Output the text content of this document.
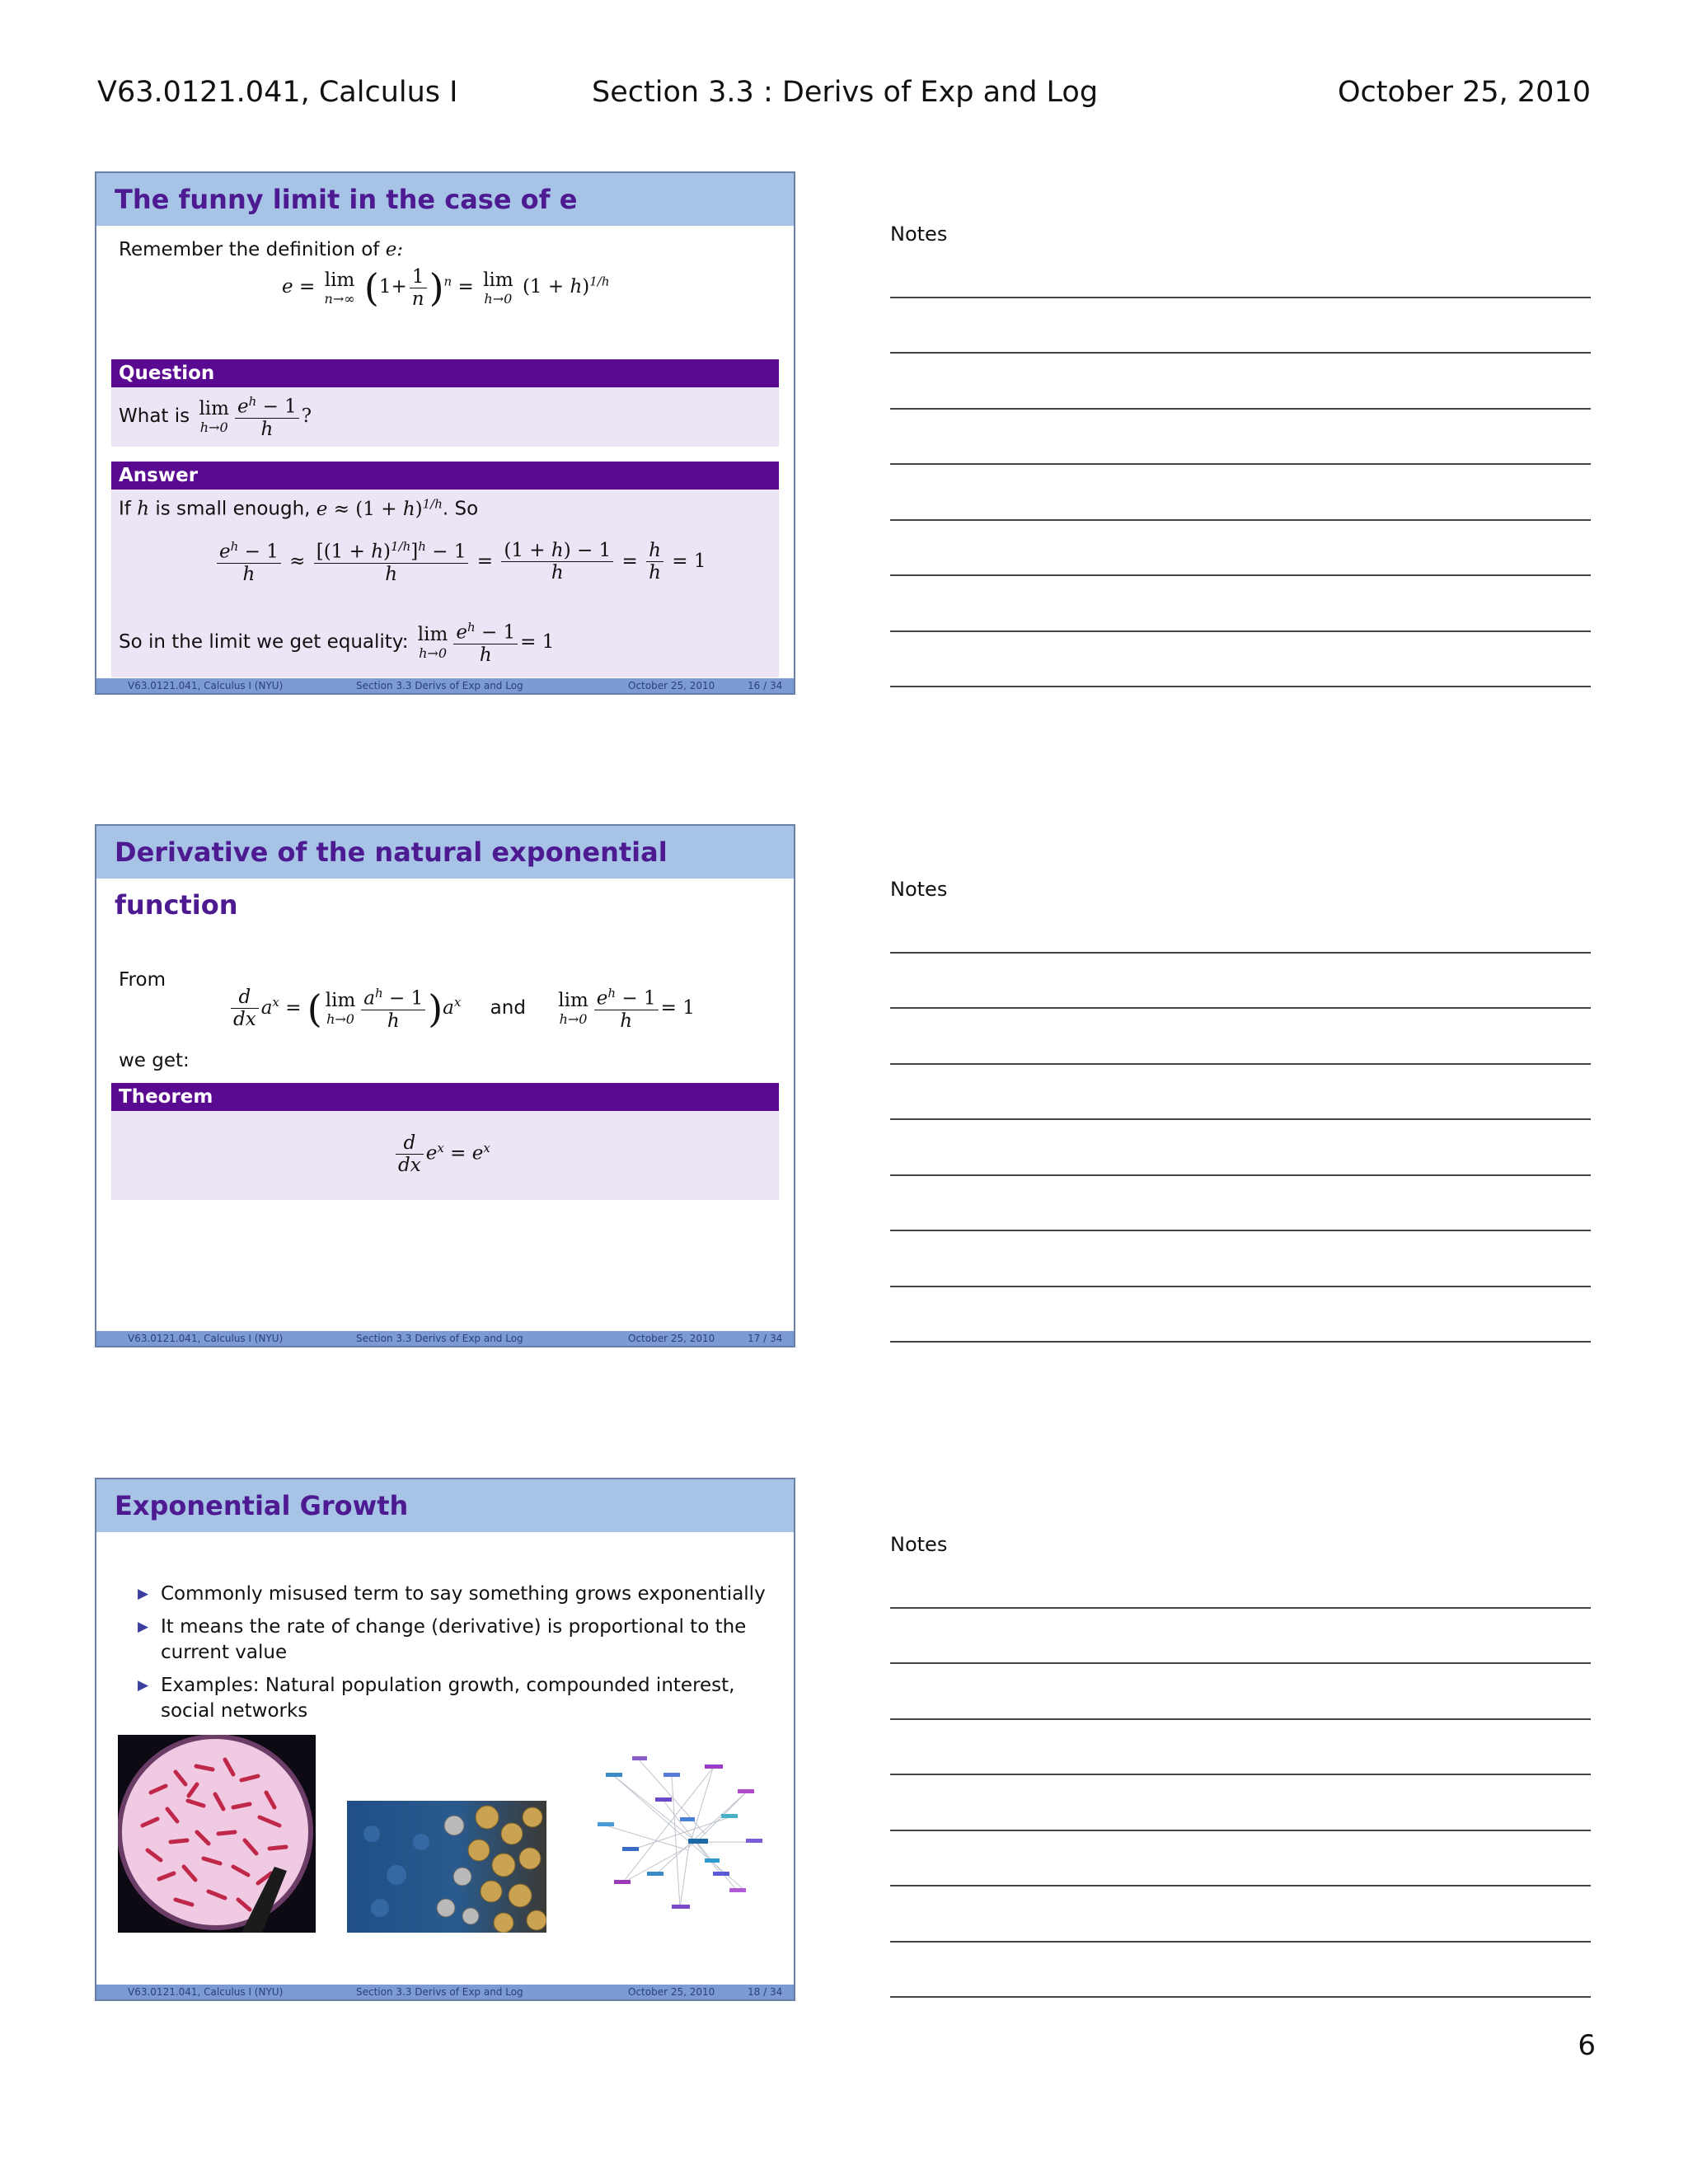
V63.0121.041, Calculus I	Section 3.3 : Derivs of Exp and Log	October 25, 2010
The funny limit in the case of e
Remember the definition of e:
e = lim
n→∞ $(1+ \frac{1}{n} )^n = \lim$
h→0
$(1 + h)^{1/h}$
Question
What is lim
$h\to 0 \frac{e^h - 1}{h}$ ?
Answer
If h is small enough, $e \approx (1 + h)^{1/h}$. So
$\frac{e^h - 1}{h} \approx \frac{[(1 + h)^{1/h}]^h - 1}{h} = \frac{(1 + h) - 1}{h} = \frac{h}{h} = 1$
So in the limit we get equality: lim
$h\to 0 \frac{e^h - 1}{h} = 1$
V63.0121.041, Calculus I (NYU)	Section 3.3 Derivs of Exp and Log	October 25, 2010	16 / 34
Derivative of the natural exponential function
From
$\frac{d}{dx} a^x$ = ( lim
$h\to 0 \frac{a^h - 1}{h} )a^x$ and lim
$h\to 0 \frac{e^h - 1}{h} = 1$
we get:
Theorem
$\frac{d}{dx} e^x = e^x$
V63.0121.041, Calculus I (NYU)	Section 3.3 Derivs of Exp and Log	October 25, 2010	17 / 34
Exponential Growth
▶ Commonly misused term to say something grows exponentially
▶ It means the rate of change (derivative) is proportional to the current value
▶ Examples: Natural population growth, compounded interest, social networks
V63.0121.041, Calculus I (NYU)	Section 3.3 Derivs of Exp and Log	October 25, 2010	18 / 34
Notes
Notes
Notes
6
